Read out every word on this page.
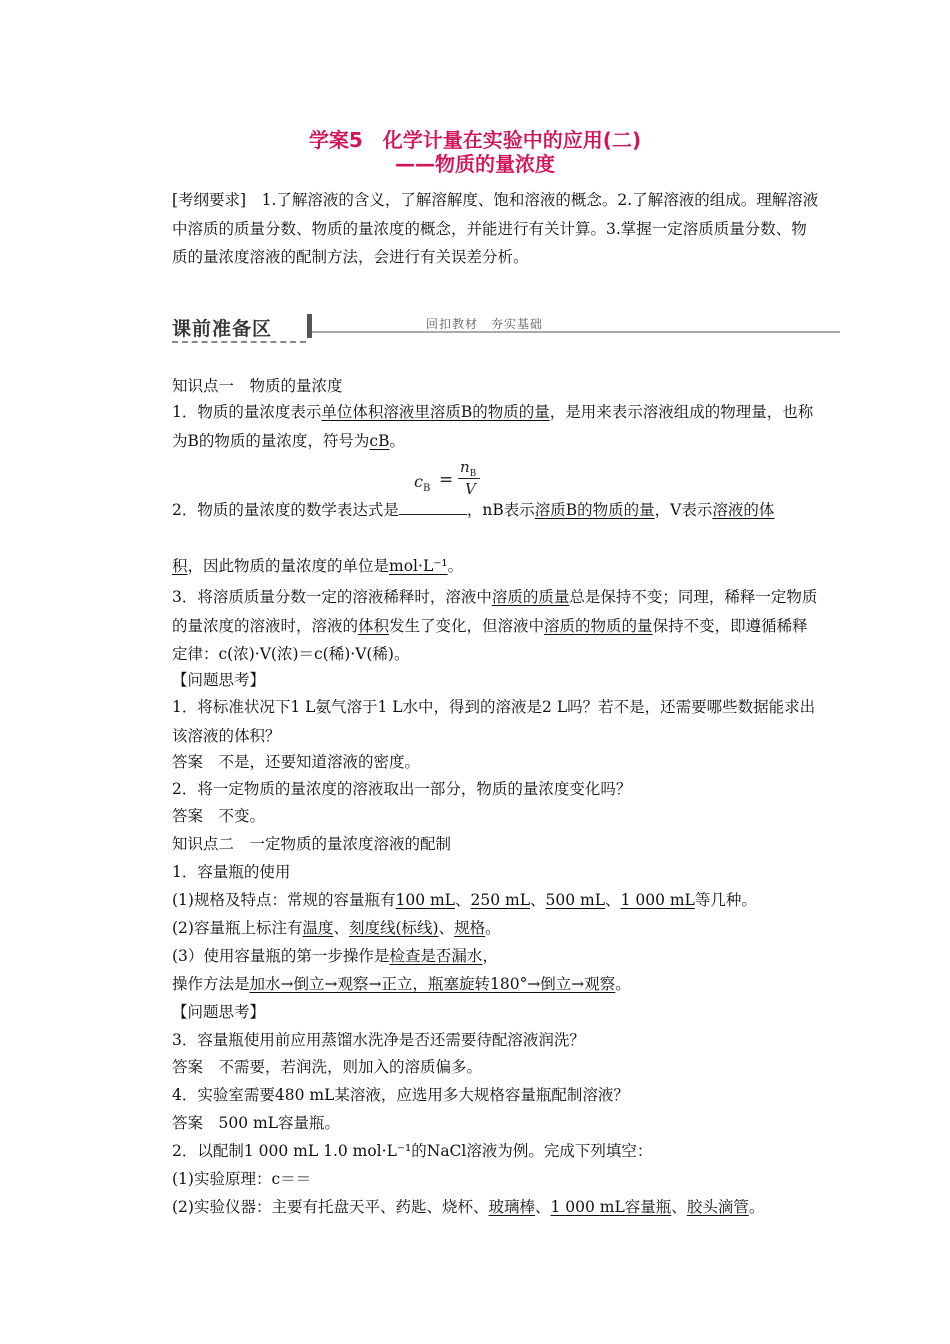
学案5　化学计量在实验中的应用(二)
——物质的量浓度

[考纲要求]　1.了解溶液的含义，了解溶解度、饱和溶液的概念。2.了解溶液的组成。理解溶液中溶质的质量分数、物质的量浓度的概念，并能进行有关计算。3.掌握一定溶质质量分数、物质的量浓度溶液的配制方法，会进行有关误差分析。

课前准备区	回扣教材　夯实基础
知识点一　物质的量浓度

1．物质的量浓度表示单位体积溶液里溶质B的物质的量，是用来表示溶液组成的物理量，也称为B的物质的量浓度，符号为cB。

$c_B$ =
$n_B$
V
2．物质的量浓度的数学表达式是	，nB表示溶质B的物质的量，V表示溶液的体
积，因此物质的量浓度的单位是mol·L⁻¹。

3．将溶质质量分数一定的溶液稀释时，溶液中溶质的质量总是保持不变；同理，稀释一定物质的量浓度的溶液时，溶液的体积发生了变化，但溶液中溶质的物质的量保持不变，即遵循稀释定律：c(浓)·V(浓)＝c(稀)·V(稀)。

【问题思考】

1．将标准状况下1 L氨气溶于1 L水中，得到的溶液是2 L吗？若不是，还需要哪些数据能求出该溶液的体积？

答案　不是，还要知道溶液的密度。
2．将一定物质的量浓度的溶液取出一部分，物质的量浓度变化吗？
答案　不变。
知识点二　一定物质的量浓度溶液的配制
1．容量瓶的使用
(1)规格及特点：常规的容量瓶有100 mL、250 mL、500 mL、1 000 mL等几种。
(2)容量瓶上标注有温度、刻度线(标线)、规格。
(3）使用容量瓶的第一步操作是检查是否漏水，
操作方法是加水→倒立→观察→正立，瓶塞旋转180°→倒立→观察。
【问题思考】
3．容量瓶使用前应用蒸馏水洗净是否还需要待配溶液润洗？
答案　不需要，若润洗，则加入的溶质偏多。
4．实验室需要480 mL某溶液，应选用多大规格容量瓶配制溶液？
答案　500 mL容量瓶。
2．以配制1 000 mL 1.0 mol·L⁻¹的NaCl溶液为例。完成下列填空：
(1)实验原理：c＝＝
(2)实验仪器：主要有托盘天平、药匙、烧杯、玻璃棒、1 000 mL容量瓶、胶头滴管。
